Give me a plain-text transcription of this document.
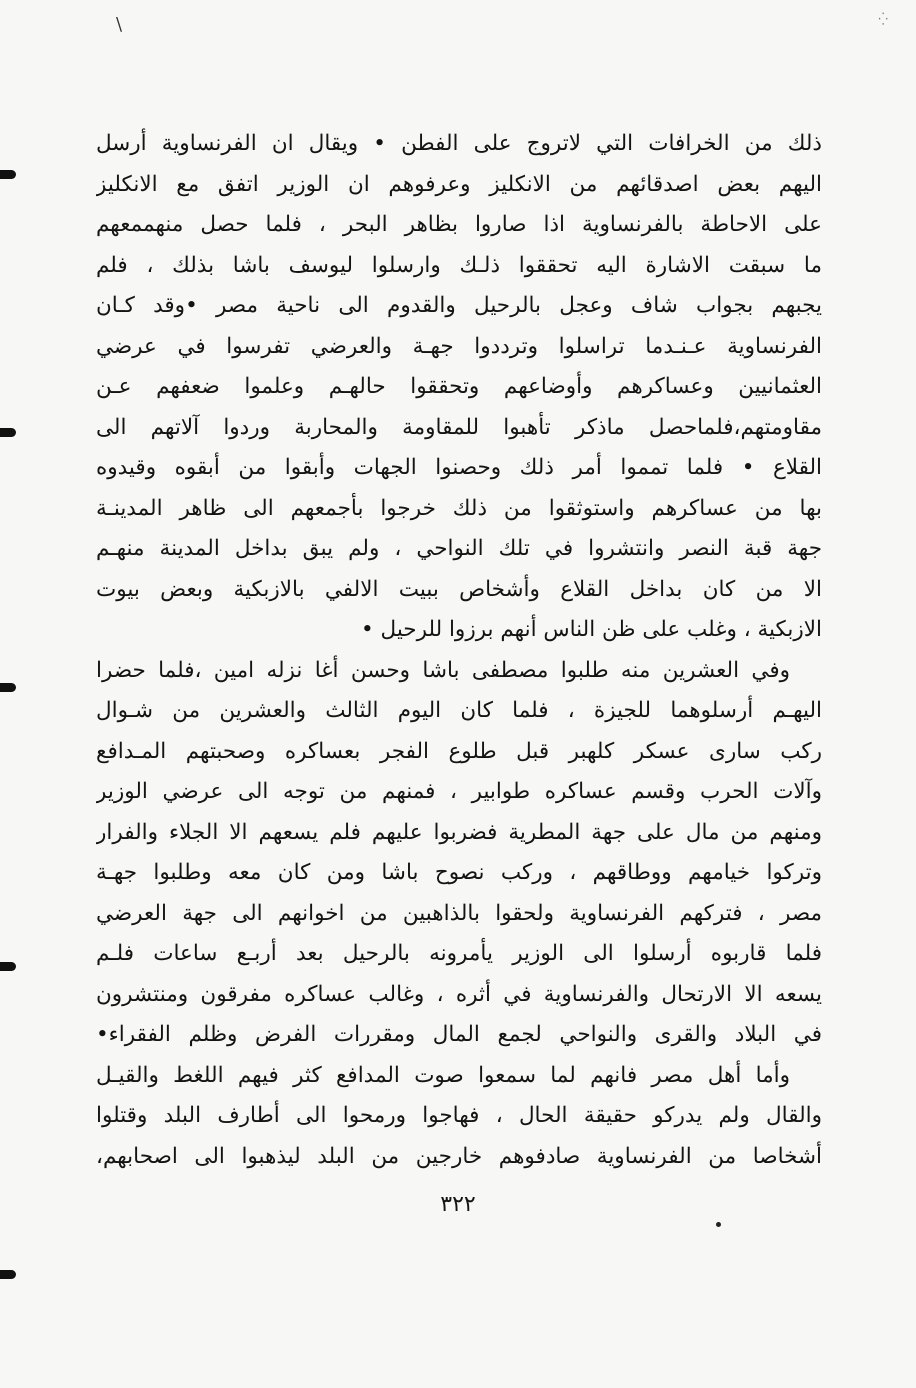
\	⁛
ذلك من الخرافات التي لاتروج على الفطن • ويقال ان الفرنساوية أرسل
اليهم بعض اصدقائهم من الانكليز وعرفوهم ان الوزير اتفق مع الانكليز
على الاحاطة بالفرنساوية اذا صاروا بظاهر البحر ، فلما حصل منهممعهم
ما سبقت الاشارة اليه تحققوا ذلـك وارسلوا ليوسف باشا بذلك ، فلم
يجبهم بجواب شاف وعجل بالرحيل والقدوم الى ناحية مصر •وقد كـان
الفرنساوية عـنـدما تراسلوا وترددوا جهـة والعرضي تفرسوا في عرضي
العثمانيين وعساكرهم وأوضاعهم وتحققوا حالهـم وعلموا ضعفهم عـن
مقاومتهم،فلماحصل ماذكر تأهبوا للمقاومة والمحاربة وردوا آلاتهم الى
القلاع • فلما تمموا أمر ذلك وحصنوا الجهات وأبقوا من أبقوه وقيدوه
بها من عساكرهم واستوثقوا من ذلك خرجوا بأجمعهم الى ظاهر المدينـة
جهة قبة النصر وانتشروا في تلك النواحي ، ولم يبق بداخل المدينة منهـم
الا من كان بداخل القلاع وأشخاص ببيت الالفي بالازبكية وبعض بيوت
الازبكية ، وغلب على ظن الناس أنهم برزوا للرحيل •
وفي العشرين منه طلبوا مصطفى باشا وحسن أغا نزله امين ،فلما حضرا
اليهـم أرسلوهما للجيزة ، فلما كان اليوم الثالث والعشرين من شـوال
ركب سارى عسكر كلهبر قبل طلوع الفجر بعساكره وصحبتهم المـدافع
وآلات الحرب وقسم عساكره طوابير ، فمنهم من توجه الى عرضي الوزير
ومنهم من مال على جهة المطرية فضربوا عليهم فلم يسعهم الا الجلاء والفرار
وتركوا خيامهم ووطاقهم ، وركب نصوح باشا ومن كان معه وطلبوا جهـة
مصر ، فتركهم الفرنساوية ولحقوا بالذاهبين من اخوانهم الى جهة العرضي
فلما قاربوه أرسلوا الى الوزير يأمرونه بالرحيل بعد أربـع ساعات فلـم
يسعه الا الارتحال والفرنساوية في أثره ، وغالب عساكره مفرقون ومنتشرون
في البلاد والقرى والنواحي لجمع المال ومقررات الفرض وظلم الفقراء•
وأما أهل مصر فانهم لما سمعوا صوت المدافع كثر فيهم اللغط والقيـل
والقال ولم يدركو حقيقة الحال ، فهاجوا ورمحوا الى أطارف البلد وقتلوا
أشخاصا من الفرنساوية صادفوهم خارجين من البلد ليذهبوا الى اصحابهم،
٣٢٢
